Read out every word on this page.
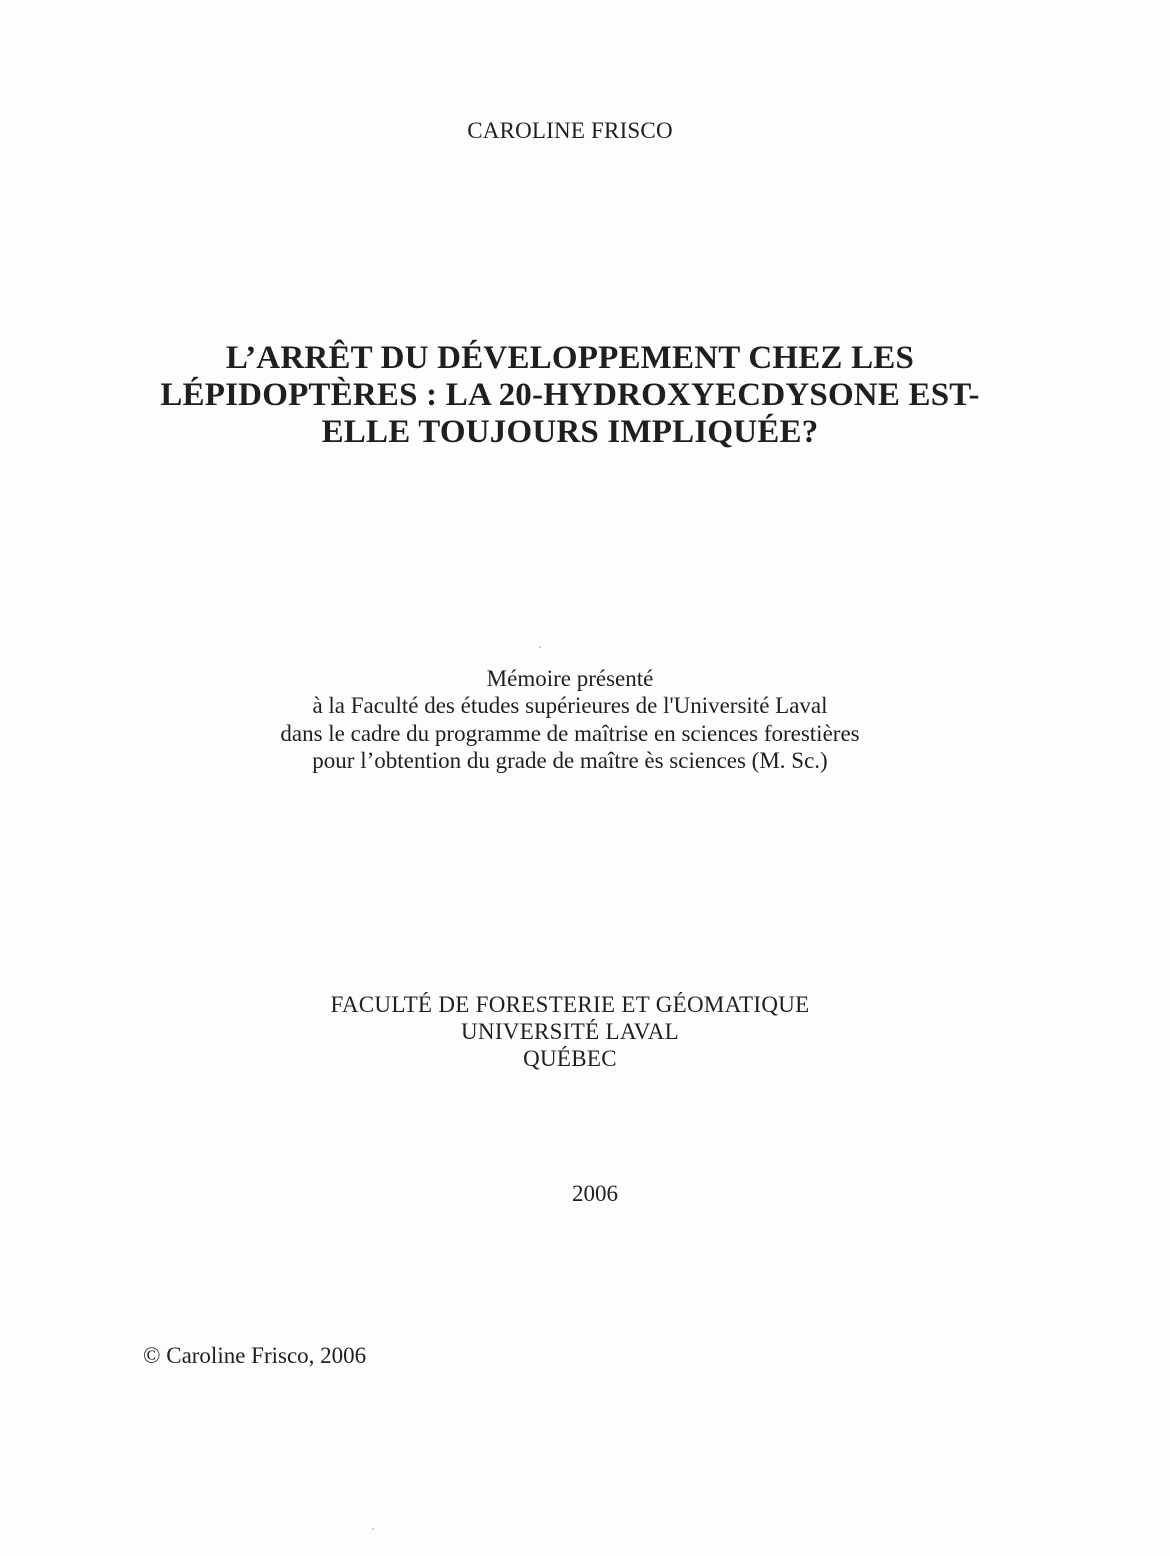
CAROLINE FRISCO
L’ARRÊT DU DÉVELOPPEMENT CHEZ LES
LÉPIDOPTÈRES : LA 20-HYDROXYECDYSONE EST-
ELLE TOUJOURS IMPLIQUÉE?
Mémoire présenté
à la Faculté des études supérieures de l'Université Laval
dans le cadre du programme de maîtrise en sciences forestières
pour l’obtention du grade de maître ès sciences (M. Sc.)
FACULTÉ DE FORESTERIE ET GÉOMATIQUE
UNIVERSITÉ LAVAL
QUÉBEC
2006
© Caroline Frisco, 2006
